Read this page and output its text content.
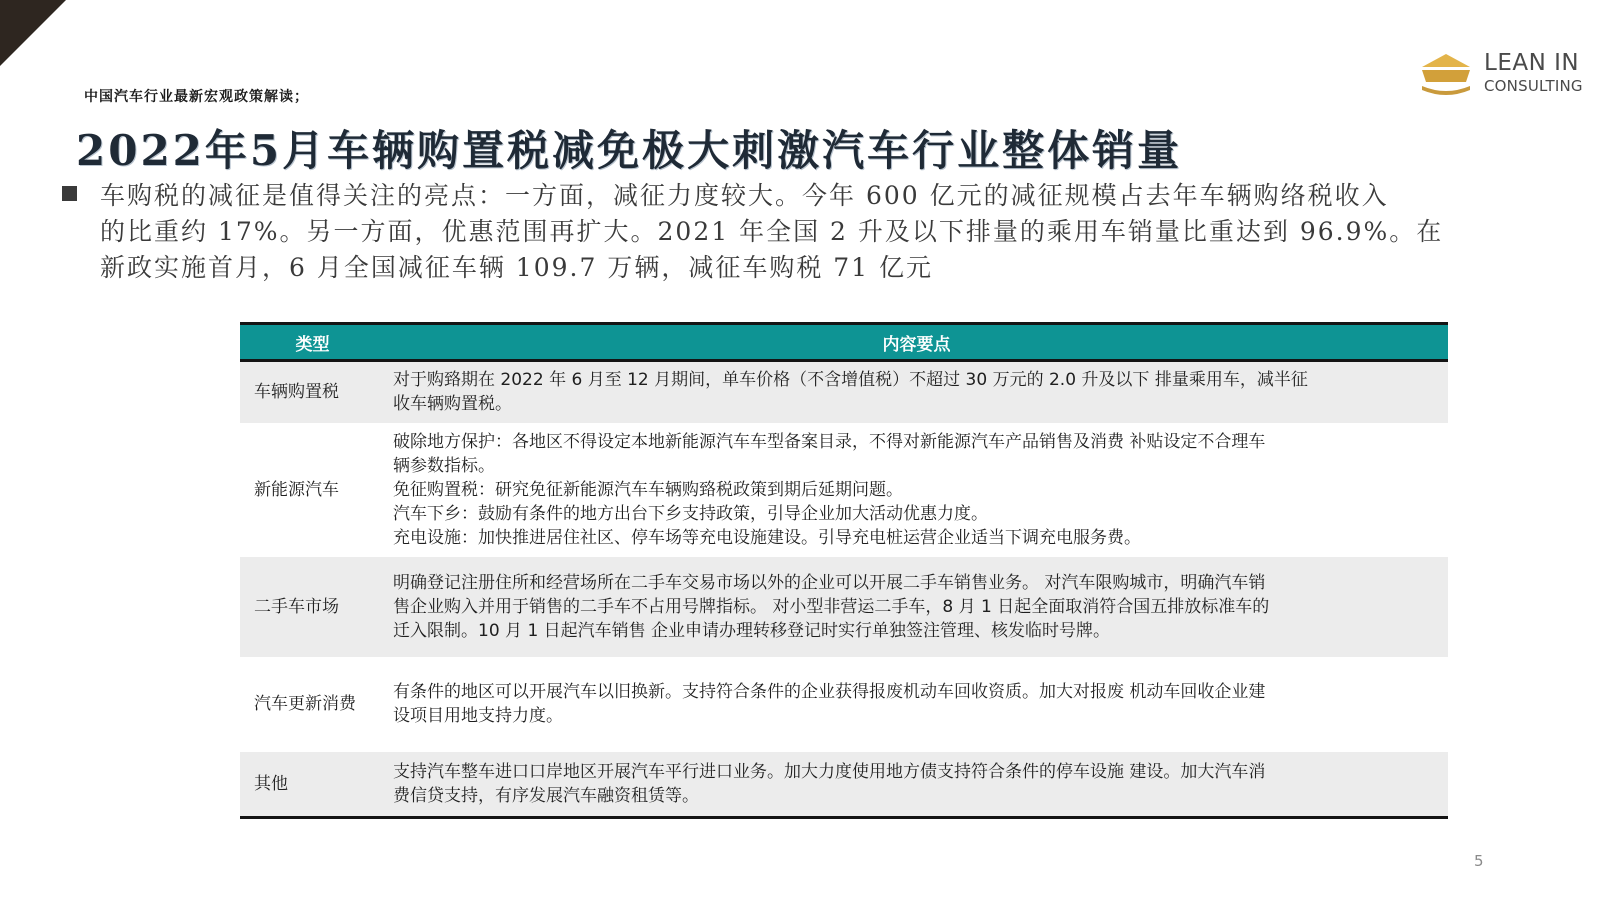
LEAN IN
CONSULTING
中国汽车行业最新宏观政策解读；
2022年5月车辆购置税减免极大刺激汽车行业整体销量
车购税的减征是值得关注的亮点：一方面，减征力度较大。今年 600 亿元的减征规模占去年车辆购络税收入
的比重约 17%。另一方面，优惠范围再扩大。2021 年全国 2 升及以下排量的乘用车销量比重达到 96.9%。在
新政实施首月，6 月全国减征车辆 109.7 万辆，减征车购税 71 亿元
类型	内容要点
车辆购置税	对于购臵期在 2022 年 6 月至 12 月期间，单车价格（不含增值税）不超过 30 万元的 2.0 升及以下 排量乘用车，减半征
收车辆购置税。

新能源汽车	破除地方保护：各地区不得设定本地新能源汽车车型备案目录，不得对新能源汽车产品销售及消费 补贴设定不合理车
辆参数指标。
免征购置税：研究免征新能源汽车车辆购臵税政策到期后延期问题。
汽车下乡：鼓励有条件的地方出台下乡支持政策，引导企业加大活动优惠力度。
充电设施：加快推进居住社区、停车场等充电设施建设。引导充电桩运营企业适当下调充电服务费。

二手车市场	明确登记注册住所和经营场所在二手车交易市场以外的企业可以开展二手车销售业务。 对汽车限购城市，明确汽车销
售企业购入并用于销售的二手车不占用号牌指标。 对小型非营运二手车，8 月 1 日起全面取消符合国五排放标准车的
迁入限制。10 月 1 日起汽车销售 企业申请办理转移登记时实行单独签注管理、核发临时号牌。

汽车更新消费	有条件的地区可以开展汽车以旧换新。支持符合条件的企业获得报废机动车回收资质。加大对报废 机动车回收企业建
设项目用地支持力度。

其他	支持汽车整车进口口岸地区开展汽车平行进口业务。加大力度使用地方债支持符合条件的停车设施 建设。加大汽车消
费信贷支持，有序发展汽车融资租赁等。
5
